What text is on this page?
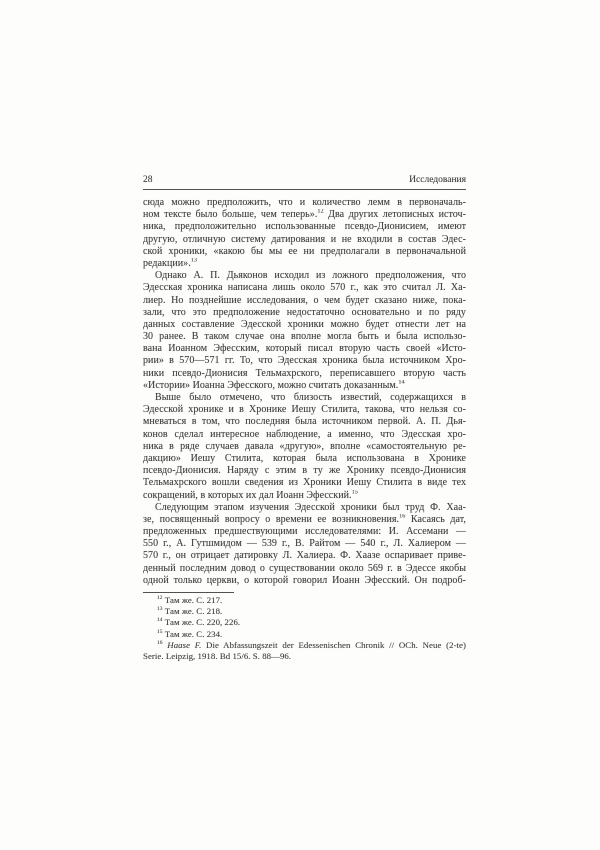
28	Исследования
сюда можно предположить, что и количество лемм в первоначаль-
ном тексте было больше, чем теперь».$^{12}$ Два других летописных источ-
ника, предположительно использованные псевдо-Дионисием, имеют
другую, отличную систему датирования и не входили в состав Эдес-
ской хроники, «какою бы мы ее ни предполагали в первоначальной
редакции».$^{13}$
Однако А. П. Дьяконов исходил из ложного предположения, что
Эдесская хроника написана лишь около 570 г., как это считал Л. Ха-
лиер. Но позднейшие исследования, о чем будет сказано ниже, пока-
зали, что это предположение недостаточно основательно и по ряду
данных составление Эдесской хроники можно будет отнести лет на
30 ранее. В таком случае она вполне могла быть и была использо-
вана Иоанном Эфесским, который писал вторую часть своей «Исто-
рии» в 570—571 гг. То, что Эдесская хроника была источником Хро-
ники псевдо-Дионисия Тельмахрского, переписавшего вторую часть
«Истории» Иоанна Эфесского, можно считать доказанным.$^{14}$
Выше было отмечено, что близость известий, содержащихся в
Эдесской хронике и в Хронике Иешу Стилита, такова, что нельзя со-
мневаться в том, что последняя была источником первой. А. П. Дья-
конов сделал интересное наблюдение, а именно, что Эдесская хро-
ника в ряде случаев давала «другую», вполне «самостоятельную ре-
дакцию» Иешу Стилита, которая была использована в Хронике
псевдо-Дионисия. Наряду с этим в ту же Хронику псевдо-Дионисия
Тельмахрского вошли сведения из Хроники Иешу Стилита в виде тех
сокращений, в которых их дал Иоанн Эфесский.$^{15}$
Следующим этапом изучения Эдесской хроники был труд Ф. Хаа-
зе, посвященный вопросу о времени ее возникновения.$^{16}$ Касаясь дат,
предложенных предшествующими исследователями: И. Ассемани —
550 г., А. Гутшмидом — 539 г., В. Райтом — 540 г., Л. Халиером —
570 г., он отрицает датировку Л. Халиера. Ф. Хаазе оспаривает приве-
денный последним довод о существовании около 569 г. в Эдессе якобы
одной только церкви, о которой говорил Иоанн Эфесский. Он подроб-
$^{12}$ Там же. С. 217.
$^{13}$ Там же. С. 218.
$^{14}$ Там же. С. 220, 226.
$^{15}$ Там же. С. 234.
$^{16}$ Haase F. Die Abfassungszeit der Edessenischen Chronik // OCh. Neue (2-te)
Serie. Leipzig, 1918. Bd 15/6. S. 88—96.
